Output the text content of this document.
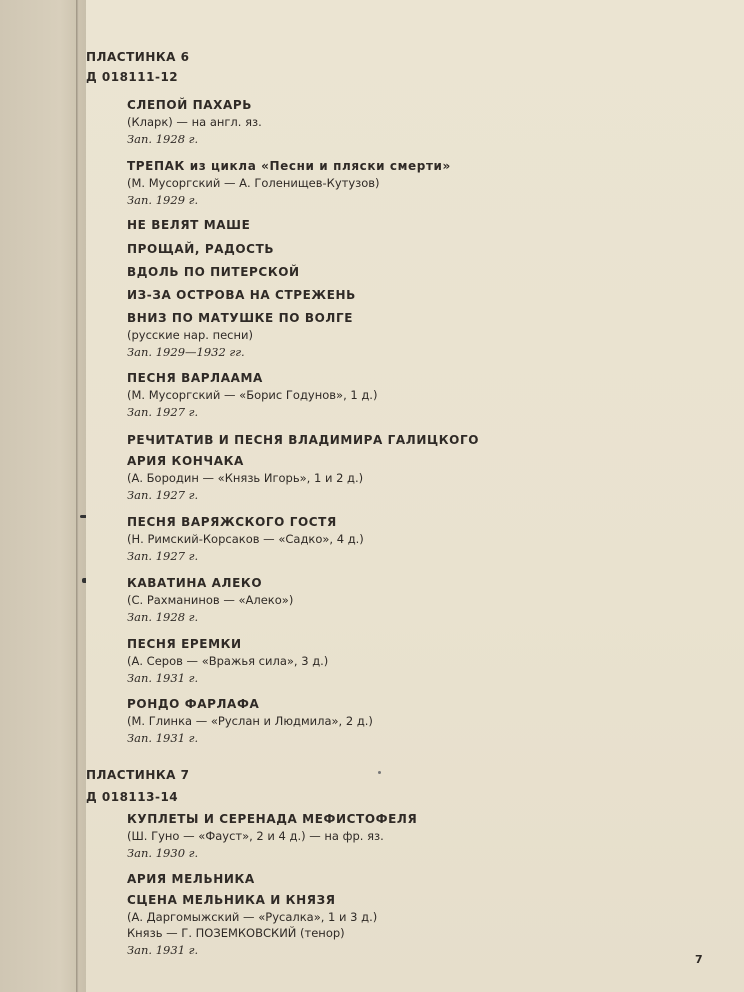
ПЛАСТИНКА 6

Д 018111-12

СЛЕПОЙ ПАХАРЬ
(Кларк) — на англ. яз.
Зап. 1928 г.
ТРЕПАК из цикла «Песни и пляски смерти»
(М. Мусоргский — А. Голенищев-Кутузов)
Зап. 1929 г.
НЕ ВЕЛЯТ МАШЕ
ПРОЩАЙ, РАДОСТЬ
ВДОЛЬ ПО ПИТЕРСКОЙ
ИЗ-ЗА ОСТРОВА НА СТРЕЖЕНЬ
ВНИЗ ПО МАТУШКЕ ПО ВОЛГЕ
(русские нар. песни)
Зап. 1929—1932 гг.
ПЕСНЯ ВАРЛААМА
(М. Мусоргский — «Борис Годунов», 1 д.)
Зап. 1927 г.
РЕЧИТАТИВ И ПЕСНЯ ВЛАДИМИРА ГАЛИЦКОГО
АРИЯ КОНЧАКА
(А. Бородин — «Князь Игорь», 1 и 2 д.)
Зап. 1927 г.
ПЕСНЯ ВАРЯЖСКОГО ГОСТЯ
(Н. Римский-Корсаков — «Садко», 4 д.)
Зап. 1927 г.
КАВАТИНА АЛЕКО
(С. Рахманинов — «Алеко»)
Зап. 1928 г.
ПЕСНЯ ЕРЕМКИ
(А. Серов — «Вражья сила», 3 д.)
Зап. 1931 г.
РОНДО ФАРЛАФА
(М. Глинка — «Руслан и Людмила», 2 д.)
Зап. 1931 г.

ПЛАСТИНКА 7

Д 018113-14

КУПЛЕТЫ И СЕРЕНАДА МЕФИСТОФЕЛЯ
(Ш. Гуно — «Фауст», 2 и 4 д.) — на фр. яз.
Зап. 1930 г.
АРИЯ МЕЛЬНИКА
СЦЕНА МЕЛЬНИКА И КНЯЗЯ
(А. Даргомыжский — «Русалка», 1 и 3 д.)
Князь — Г. ПОЗЕМКОВСКИЙ (тенор)
Зап. 1931 г.
7
